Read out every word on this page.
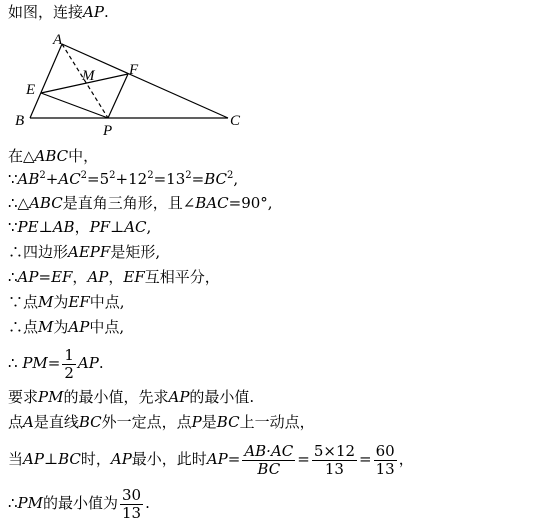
如图，连接AP.
A
M F
E
B
P
C
在△ABC中，
$\because AB^2+AC^2=5^2+12^2=13^2=BC^2$,
∴△ABC是直角三角形，且∠BAC=90°,
∵PE⊥AB，PF⊥AC,
∴四边形AEPF是矩形,
∴AP=EF，AP，EF互相平分，
∵点M为EF中点,
∴点M为AP中点,
∴ $PM= \frac{1}{2}$ AP.
要求PM的最小值，先求AP的最小值.
点A是直线BC外一定点，点P是BC上一动点，
当AP⊥BC时，AP最小，此时$AP= \frac{AB\cdot AC}{BC} = \frac{5\times 12}{13} = \frac{60}{13}$ ，
∴PM的最小值为 $\frac{30}{13}$ .
